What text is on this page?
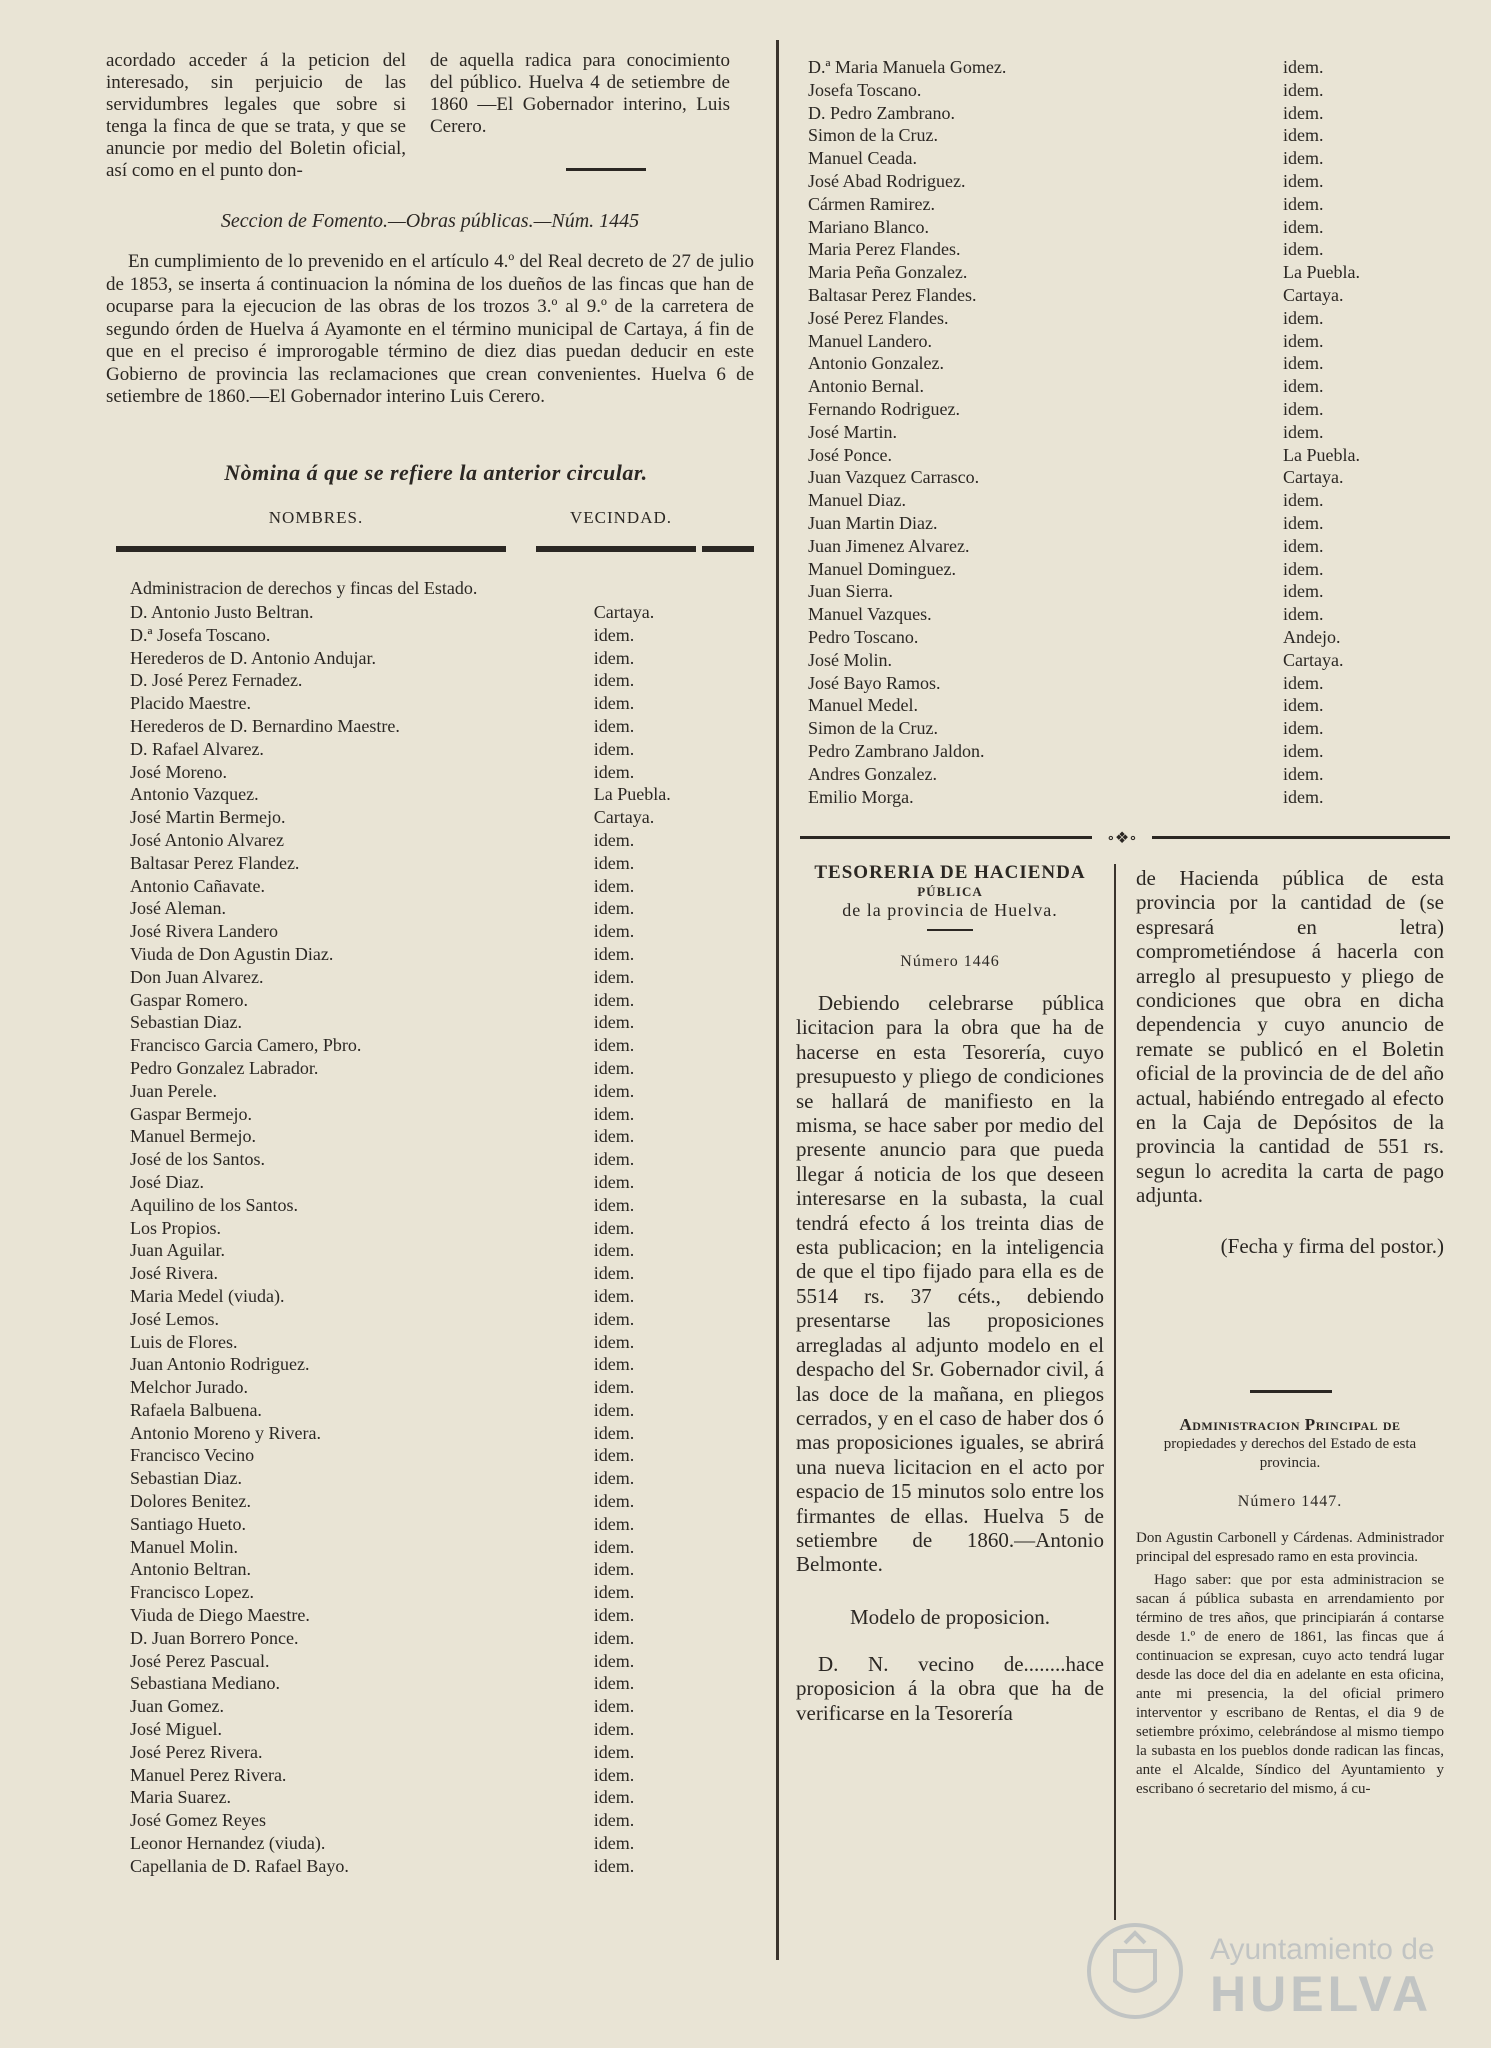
acordado acceder á la peticion del interesado, sin perjuicio de las servidumbres legales que sobre si tenga la finca de que se trata, y que se anuncie por medio del Boletin oficial, así como en el punto don-
de aquella radica para conocimiento del público. Huelva 4 de setiembre de 1860 —El Gobernador interino, Luis Cerero.
Seccion de Fomento.—Obras públicas.—Núm. 1445
En cumplimiento de lo prevenido en el artículo 4.º del Real decreto de 27 de julio de 1853, se inserta á continuacion la nómina de los dueños de las fincas que han de ocuparse para la ejecucion de las obras de los trozos 3.º al 9.º de la carretera de segundo órden de Huelva á Ayamonte en el término municipal de Cartaya, á fin de que en el preciso é improrogable término de diez dias puedan deducir en este Gobierno de provincia las reclamaciones que crean convenientes. Huelva 6 de setiembre de 1860.—El Gobernador interino Luis Cerero.
Nòmina á que se refiere la anterior circular.
NOMBRES.	VECINDAD.
Administracion de derechos y fincas del Estado.
D. Antonio Justo Beltran.	Cartaya.
D.ª Josefa Toscano.	idem.
Herederos de D. Antonio Andujar.	idem.
D. José Perez Fernadez.	idem.
Placido Maestre.	idem.
Herederos de D. Bernardino Maestre.	idem.
D. Rafael Alvarez.	idem.
José Moreno.	idem.
Antonio Vazquez.	La Puebla.
José Martin Bermejo.	Cartaya.
José Antonio Alvarez	idem.
Baltasar Perez Flandez.	idem.
Antonio Cañavate.	idem.
José Aleman.	idem.
José Rivera Landero	idem.
Viuda de Don Agustin Diaz.	idem.
Don Juan Alvarez.	idem.
Gaspar Romero.	idem.
Sebastian Diaz.	idem.
Francisco Garcia Camero, Pbro.	idem.
Pedro Gonzalez Labrador.	idem.
Juan Perele.	idem.
Gaspar Bermejo.	idem.
Manuel Bermejo.	idem.
José de los Santos.	idem.
José Diaz.	idem.
Aquilino de los Santos.	idem.
Los Propios.	idem.
Juan Aguilar.	idem.
José Rivera.	idem.
Maria Medel (viuda).	idem.
José Lemos.	idem.
Luis de Flores.	idem.
Juan Antonio Rodriguez.	idem.
Melchor Jurado.	idem.
Rafaela Balbuena.	idem.
Antonio Moreno y Rivera.	idem.
Francisco Vecino	idem.
Sebastian Diaz.	idem.
Dolores Benitez.	idem.
Santiago Hueto.	idem.
Manuel Molin.	idem.
Antonio Beltran.	idem.
Francisco Lopez.	idem.
Viuda de Diego Maestre.	idem.
D. Juan Borrero Ponce.	idem.
José Perez Pascual.	idem.
Sebastiana Mediano.	idem.
Juan Gomez.	idem.
José Miguel.	idem.
José Perez Rivera.	idem.
Manuel Perez Rivera.	idem.
Maria Suarez.	idem.
José Gomez Reyes	idem.
Leonor Hernandez (viuda).	idem.
Capellania de D. Rafael Bayo.	idem.
D.ª Maria Manuela Gomez.	idem.
Josefa Toscano.	idem.
D. Pedro Zambrano.	idem.
Simon de la Cruz.	idem.
Manuel Ceada.	idem.
José Abad Rodriguez.	idem.
Cármen Ramirez.	idem.
Mariano Blanco.	idem.
Maria Perez Flandes.	idem.
Maria Peña Gonzalez.	La Puebla.
Baltasar Perez Flandes.	Cartaya.
José Perez Flandes.	idem.
Manuel Landero.	idem.
Antonio Gonzalez.	idem.
Antonio Bernal.	idem.
Fernando Rodriguez.	idem.
José Martin.	idem.
José Ponce.	La Puebla.
Juan Vazquez Carrasco.	Cartaya.
Manuel Diaz.	idem.
Juan Martin Diaz.	idem.
Juan Jimenez Alvarez.	idem.
Manuel Dominguez.	idem.
Juan Sierra.	idem.
Manuel Vazques.	idem.
Pedro Toscano.	Andejo.
José Molin.	Cartaya.
José Bayo Ramos.	idem.
Manuel Medel.	idem.
Simon de la Cruz.	idem.
Pedro Zambrano Jaldon.	idem.
Andres Gonzalez.	idem.
Emilio Morga.	idem.
∘❖∘
TESORERIA DE HACIENDA
PÚBLICA
de la provincia de Huelva.
Número 1446
Debiendo celebrarse pública licitacion para la obra que ha de hacerse en esta Tesorería, cuyo presupuesto y pliego de condiciones se hallará de manifiesto en la misma, se hace saber por medio del presente anuncio para que pueda llegar á noticia de los que deseen interesarse en la subasta, la cual tendrá efecto á los treinta dias de esta publicacion; en la inteligencia de que el tipo fijado para ella es de 5514 rs. 37 céts., debiendo presentarse las proposiciones arregladas al adjunto modelo en el despacho del Sr. Gobernador civil, á las doce de la mañana, en pliegos cerrados, y en el caso de haber dos ó mas proposiciones iguales, se abrirá una nueva licitacion en el acto por espacio de 15 minutos solo entre los firmantes de ellas. Huelva 5 de setiembre de 1860.—Antonio Belmonte.
Modelo de proposicion.
D. N. vecino de........hace proposicion á la obra que ha de verificarse en la Tesorería
de Hacienda pública de esta provincia por la cantidad de (se espresará en letra) comprometiéndose á hacerla con arreglo al presupuesto y pliego de condiciones que obra en dicha dependencia y cuyo anuncio de remate se publicó en el Boletin oficial de la provincia de de del año actual, habiéndo entregado al efecto en la Caja de Depósitos de la provincia la cantidad de 551 rs. segun lo acredita la carta de pago adjunta.
(Fecha y firma del postor.)
Administracion Principal de
propiedades y derechos del Estado de esta provincia.
Número 1447.
Don Agustin Carbonell y Cárdenas. Administrador principal del espresado ramo en esta provincia.
Hago saber: que por esta administracion se sacan á pública subasta en arrendamiento por término de tres años, que principiarán á contarse desde 1.º de enero de 1861, las fincas que á continuacion se expresan, cuyo acto tendrá lugar desde las doce del dia en adelante en esta oficina, ante mi presencia, la del oficial primero interventor y escribano de Rentas, el dia 9 de setiembre próximo, celebrándose al mismo tiempo la subasta en los pueblos donde radican las fincas, ante el Alcalde, Síndico del Ayuntamiento y escribano ó secretario del mismo, á cu-
Ayuntamiento de
HUELVA
